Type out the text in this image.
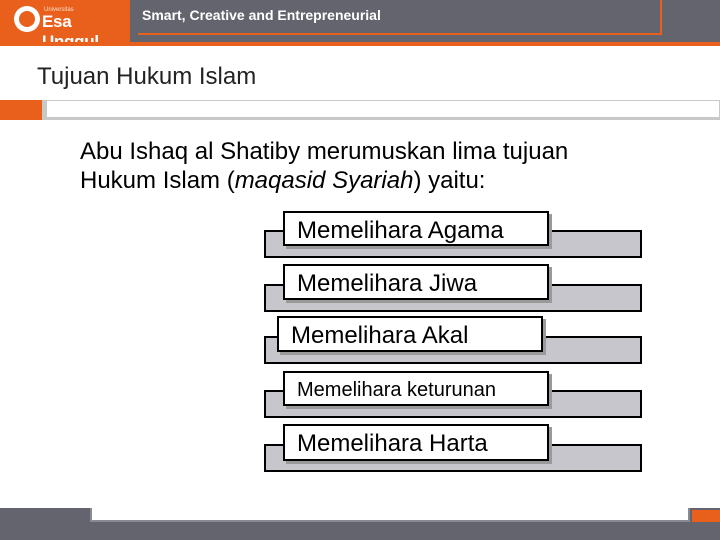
Universitas
Esa	Smart, Creative and Entrepreneurial
Tujuan Hukum Islam
Abu Ishaq al Shatiby merumuskan lima tujuan
Hukum Islam (maqasid Syariah) yaitu:
Memelihara Agama
Memelihara Jiwa
Memelihara Akal
Memelihara keturunan
Memelihara Harta
